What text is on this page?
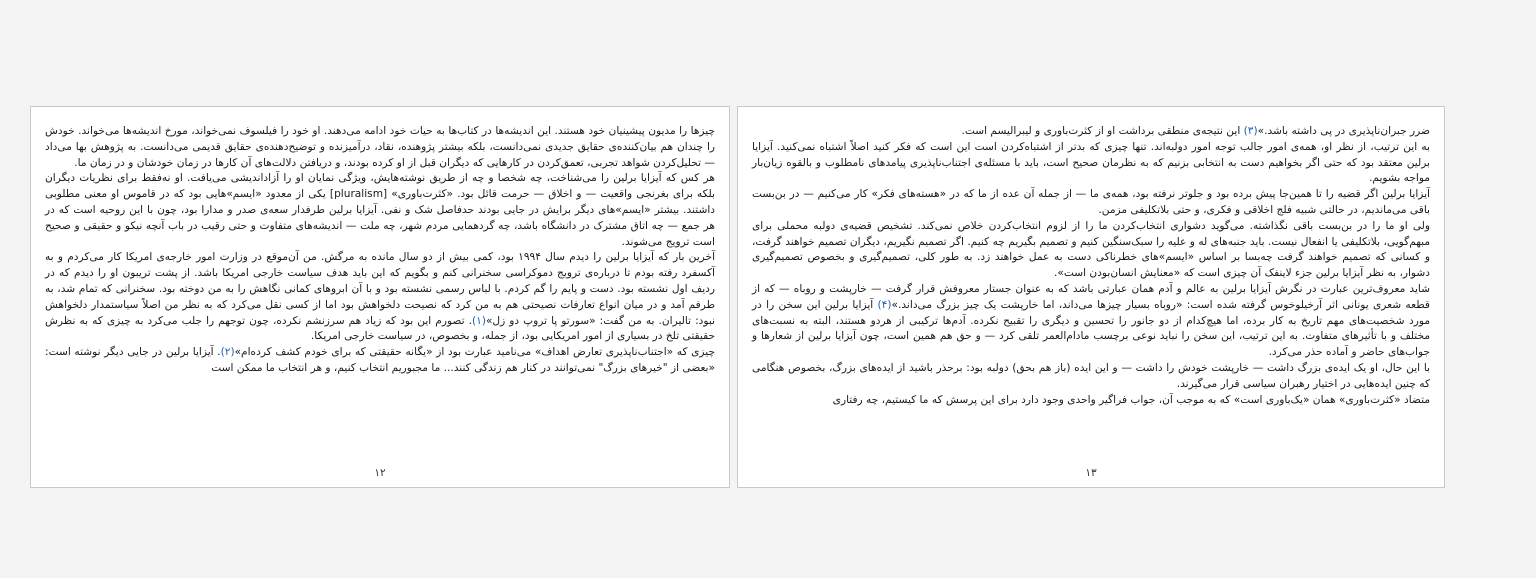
چیزها را مدیون پیشینیان خود هستند. این اندیشه‌ها در کتاب‌ها به حیات خود ادامه می‌دهند. او خود را فیلسوف نمی‌خواند، مورخ اندیشه‌ها می‌خواند. خودش را چندان هم بیان‌کننده‌ی حقایق جدیدی نمی‌دانست، بلکه بیشتر پژوهنده، نقاد، درآمیزنده و توضیح‌دهنده‌ی حقایق قدیمی می‌دانست. به پژوهش بها می‌داد — تحلیل‌کردن شواهد تجربی، تعمق‌کردن در کارهایی که دیگران قبل از او کرده بودند، و دریافتن دلالت‌های آن کارها در زمان خودشان و در زمان ما.

هر کس که آیزایا برلین را می‌شناخت، چه شخصا و چه از طریق نوشته‌هایش، ویژگی نمایان او را آزاداندیشی می‌یافت. او نه‌فقط برای نظریات دیگران بلکه برای بغرنجی واقعیت — و اخلاق — حرمت قائل بود. «کثرت‌باوری» [pluralism] یکی از معدود «ایسم»هایی بود که در قاموس او معنی مطلوبی داشتند. بیشتر «ایسم»های دیگر برایش در جایی بودند حدفاصل شک و نفی. آیزایا برلین طرفدار سعه‌ی صدر و مدارا بود، چون با این روحیه است که در هر جمع — چه اتاق مشترک در دانشگاه باشد، چه گردهمایی مردم شهر، چه ملت — اندیشه‌های متفاوت و حتی رقیب در باب آنچه نیکو و حقیقی و صحیح است ترویج می‌شوند.

آخرین بار که آیزایا برلین را دیدم سال ۱۹۹۴ بود، کمی بیش از دو سال مانده به مرگش. من آن‌موقع در وزارت امور خارجه‌ی امریکا کار می‌کردم و به آکسفرد رفته بودم تا درباره‌ی ترویج دموکراسی سخنرانی کنم و بگویم که این باید هدف سیاست خارجی امریکا باشد. از پشت تریبون او را دیدم که در ردیف اول نشسته بود. دست و پایم را گم کردم. با لباس رسمی نشسته بود و با آن ابروهای کمانی نگاهش را به من دوخته بود. سخنرانی که تمام شد، به طرفم آمد و در میان انواع تعارفات نصیحتی هم به من کرد که نصیحت دلخواهش بود اما از کسی نقل می‌کرد که به نظر من اصلاً سیاستمدار دلخواهش نبود: تالیران. به من گفت: «سورتو پا تروپ دو زل»(۱). تصورم این بود که زیاد هم سرزنشم نکرده، چون توجهم را جلب می‌کرد به چیزی که به نظرش حقیقتی تلخ در بسیاری از امور امریکایی بود، از جمله، و بخصوص، در سیاست خارجی امریکا.

چیزی که «اجتناب‌ناپذیری تعارض اهداف» می‌نامید عبارت بود از «یگانه حقیقتی که برای خودم کشف کرده‌ام»(۲). آیزایا برلین در جایی دیگر نوشته است: «بعضی از "خیرهای بزرگ" نمی‌توانند در کنار هم زندگی کنند... ما مجبوریم انتخاب کنیم، و هر انتخاب ما ممکن است

۱۲

ضرر جبران‌ناپذیری در پی داشته باشد.»(۳) این نتیجه‌ی منطقی برداشت او از کثرت‌باوری و لیبرالیسم است.

به این ترتیب، از نظر او، همه‌ی امور جالب توجه امور دولبه‌اند. تنها چیزی که بدتر از اشتباه‌کردن است این است که فکر کنید اصلاً اشتباه نمی‌کنید. آیزایا برلین معتقد بود که حتی اگر بخواهیم دست به انتخابی بزنیم که به نظرمان صحیح است، باید با مسئله‌ی اجتناب‌ناپذیری پیامدهای نامطلوب و بالقوه زیان‌بار مواجه بشویم.

آیزایا برلین اگر قضیه را تا همین‌جا پیش برده بود و جلوتر نرفته بود، همه‌ی ما — از جمله آن عده از ما که در «هسته‌های فکر» کار می‌کنیم — در بن‌بست باقی می‌ماندیم، در حالتی شبیه فلج اخلاقی و فکری، و حتی بلاتکلیفی مزمن.

ولی او ما را در بن‌بست باقی نگذاشته. می‌گوید دشواری انتخاب‌کردن ما را از لزوم انتخاب‌کردن خلاص نمی‌کند. تشخیص قضیه‌ی دولبه محملی برای مبهم‌گویی، بلاتکلیفی یا انفعال نیست. باید جنبه‌های له و علیه را سبک‌سنگین کنیم و تصمیم بگیریم چه کنیم. اگر تصمیم نگیریم، دیگران تصمیم خواهند گرفت، و کسانی که تصمیم خواهند گرفت چه‌بسا بر اساس «ایسم»های خطرناکی دست به عمل خواهند زد. به طور کلی، تصمیم‌گیری و بخصوص تصمیم‌گیری دشوار، به نظر آیزایا برلین جزء لاینفک آن چیزی است که «معنایش انسان‌بودن است».

شاید معروف‌ترین عبارت در نگرش آیزایا برلین به عالم و آدم همان عبارتی باشد که به عنوان جستار معروفش قرار گرفت — خارپشت و روباه — که از قطعه شعری یونانی اثر آرخیلوخوس گرفته شده است: «روباه بسیار چیزها می‌داند، اما خارپشت یک چیز بزرگ می‌داند.»(۴) آیزایا برلین این سخن را در مورد شخصیت‌های مهم تاریخ به کار برده، اما هیچ‌کدام از دو جانور را تحسین و دیگری را تقبیح نکرده. آدم‌ها ترکیبی از هردو هستند، البته به نسبت‌های مختلف و با تأثیرهای متفاوت. به این ترتیب، این سخن را نباید نوعی برچسب مادام‌العمر تلقی کرد — و حق هم همین است، چون آیزایا برلین از شعارها و جواب‌های حاضر و آماده حذر می‌کرد.

با این حال، او یک ایده‌ی بزرگ داشت — خارپشت خودش را داشت — و این ایده (باز هم بحق) دولبه بود: برحذر باشید از ایده‌های بزرگ، بخصوص هنگامی که چنین ایده‌هایی در اختیار رهبران سیاسی قرار می‌گیرند.

متضاد «کثرت‌باوری» همان «یک‌باوری است» که به موجب آن، جواب فراگیر واحدی وجود دارد برای این پرسش که ما کیستیم، چه رفتاری

۱۳
